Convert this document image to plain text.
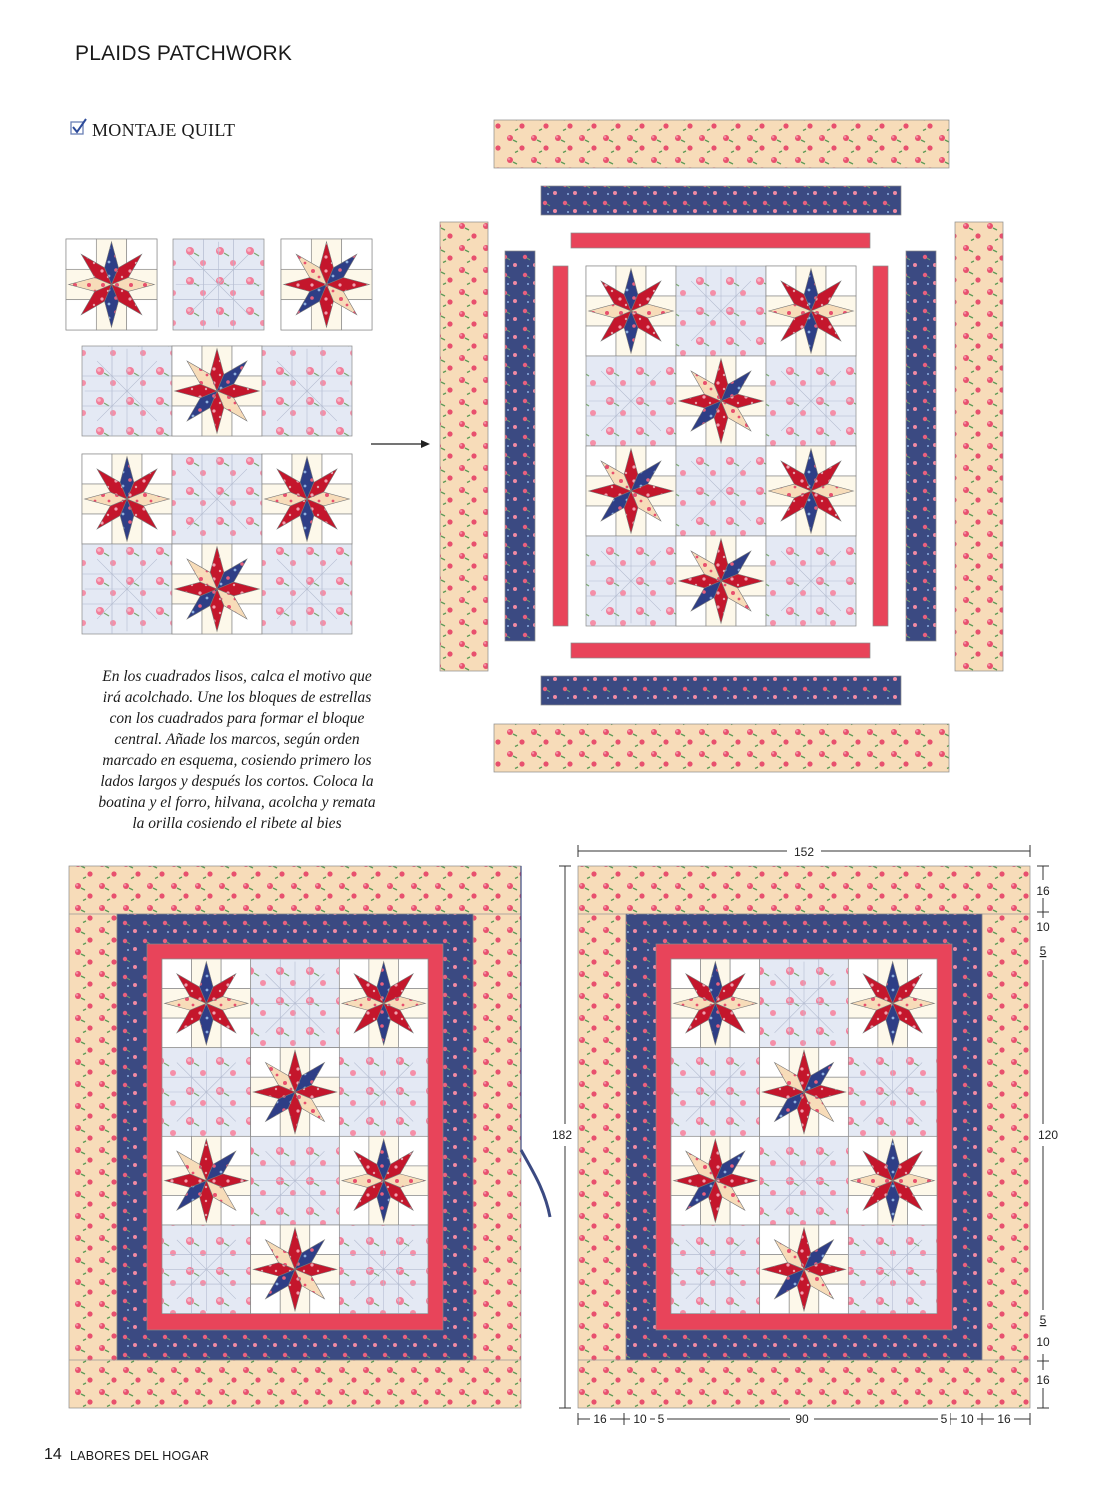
PLAIDS PATCHWORK
MONTAJE QUILT
En los cuadrados lisos, calca el motivo que
irá acolchado. Une los bloques de estrellas
con los cuadrados para formar el bloque
central. Añade los marcos, según orden
marcado en esquema, cosiendo primero los
lados largos y después los cortos. Coloca la
boatina y el forro, hilvana, acolcha y remata
la orilla cosiendo el ribete al bies
152
182
16
10
5
120
5
10
16
16 10 5	90	5 10 16
14 LABORES DEL HOGAR
